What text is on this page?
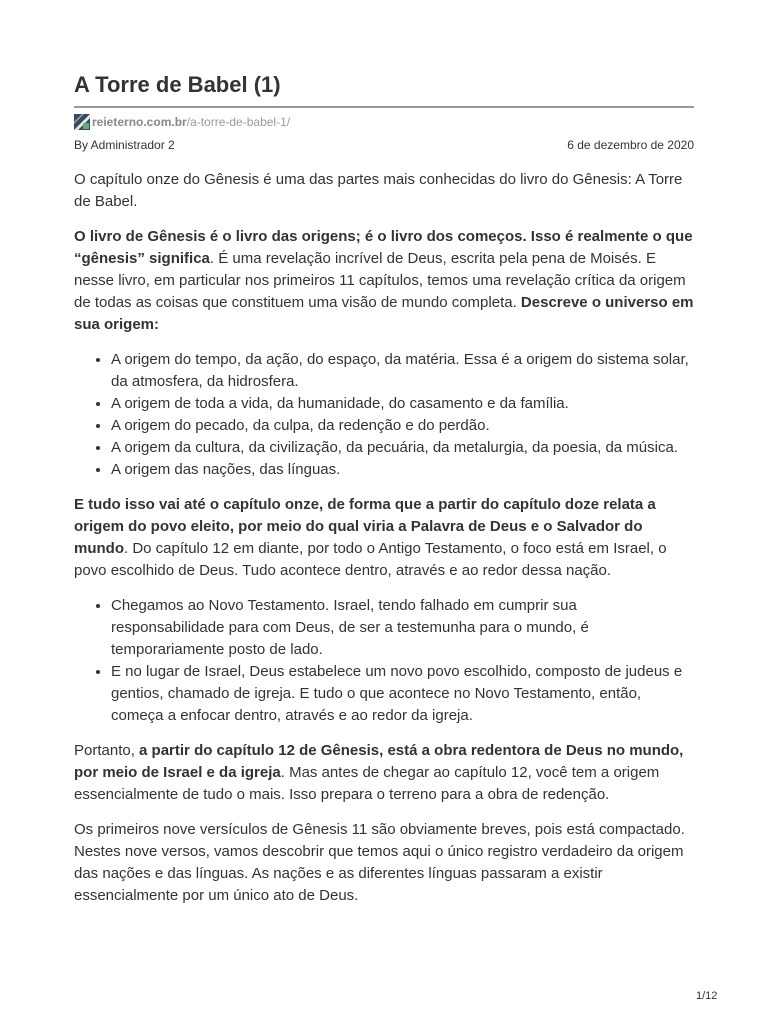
A Torre de Babel (1)
reieterno.com.br /a-torre-de-babel-1/
By Administrador 2	6 de dezembro de 2020

O capítulo onze do Gênesis é uma das partes mais conhecidas do livro do Gênesis: A Torre de Babel.

O livro de Gênesis é o livro das origens; é o livro dos começos. Isso é realmente o que “gênesis” significa. É uma revelação incrível de Deus, escrita pela pena de Moisés. E nesse livro, em particular nos primeiros 11 capítulos, temos uma revelação crítica da origem de todas as coisas que constituem uma visão de mundo completa. Descreve o universo em sua origem:

• A origem do tempo, da ação, do espaço, da matéria. Essa é a origem do sistema solar, da atmosfera, da hidrosfera.
• A origem de toda a vida, da humanidade, do casamento e da família.
• A origem do pecado, da culpa, da redenção e do perdão.
• A origem da cultura, da civilização, da pecuária, da metalurgia, da poesia, da música.
• A origem das nações, das línguas.

E tudo isso vai até o capítulo onze, de forma que a partir do capítulo doze relata a origem do povo eleito, por meio do qual viria a Palavra de Deus e o Salvador do mundo. Do capítulo 12 em diante, por todo o Antigo Testamento, o foco está em Israel, o povo escolhido de Deus. Tudo acontece dentro, através e ao redor dessa nação.

• Chegamos ao Novo Testamento. Israel, tendo falhado em cumprir sua responsabilidade para com Deus, de ser a testemunha para o mundo, é temporariamente posto de lado.
• E no lugar de Israel, Deus estabelece um novo povo escolhido, composto de judeus e gentios, chamado de igreja. E tudo o que acontece no Novo Testamento, então, começa a enfocar dentro, através e ao redor da igreja.

Portanto, a partir do capítulo 12 de Gênesis, está a obra redentora de Deus no mundo, por meio de Israel e da igreja. Mas antes de chegar ao capítulo 12, você tem a origem essencialmente de tudo o mais. Isso prepara o terreno para a obra de redenção.

Os primeiros nove versículos de Gênesis 11 são obviamente breves, pois está compactado. Nestes nove versos, vamos descobrir que temos aqui o único registro verdadeiro da origem das nações e das línguas. As nações e as diferentes línguas passaram a existir essencialmente por um único ato de Deus.

1/12
